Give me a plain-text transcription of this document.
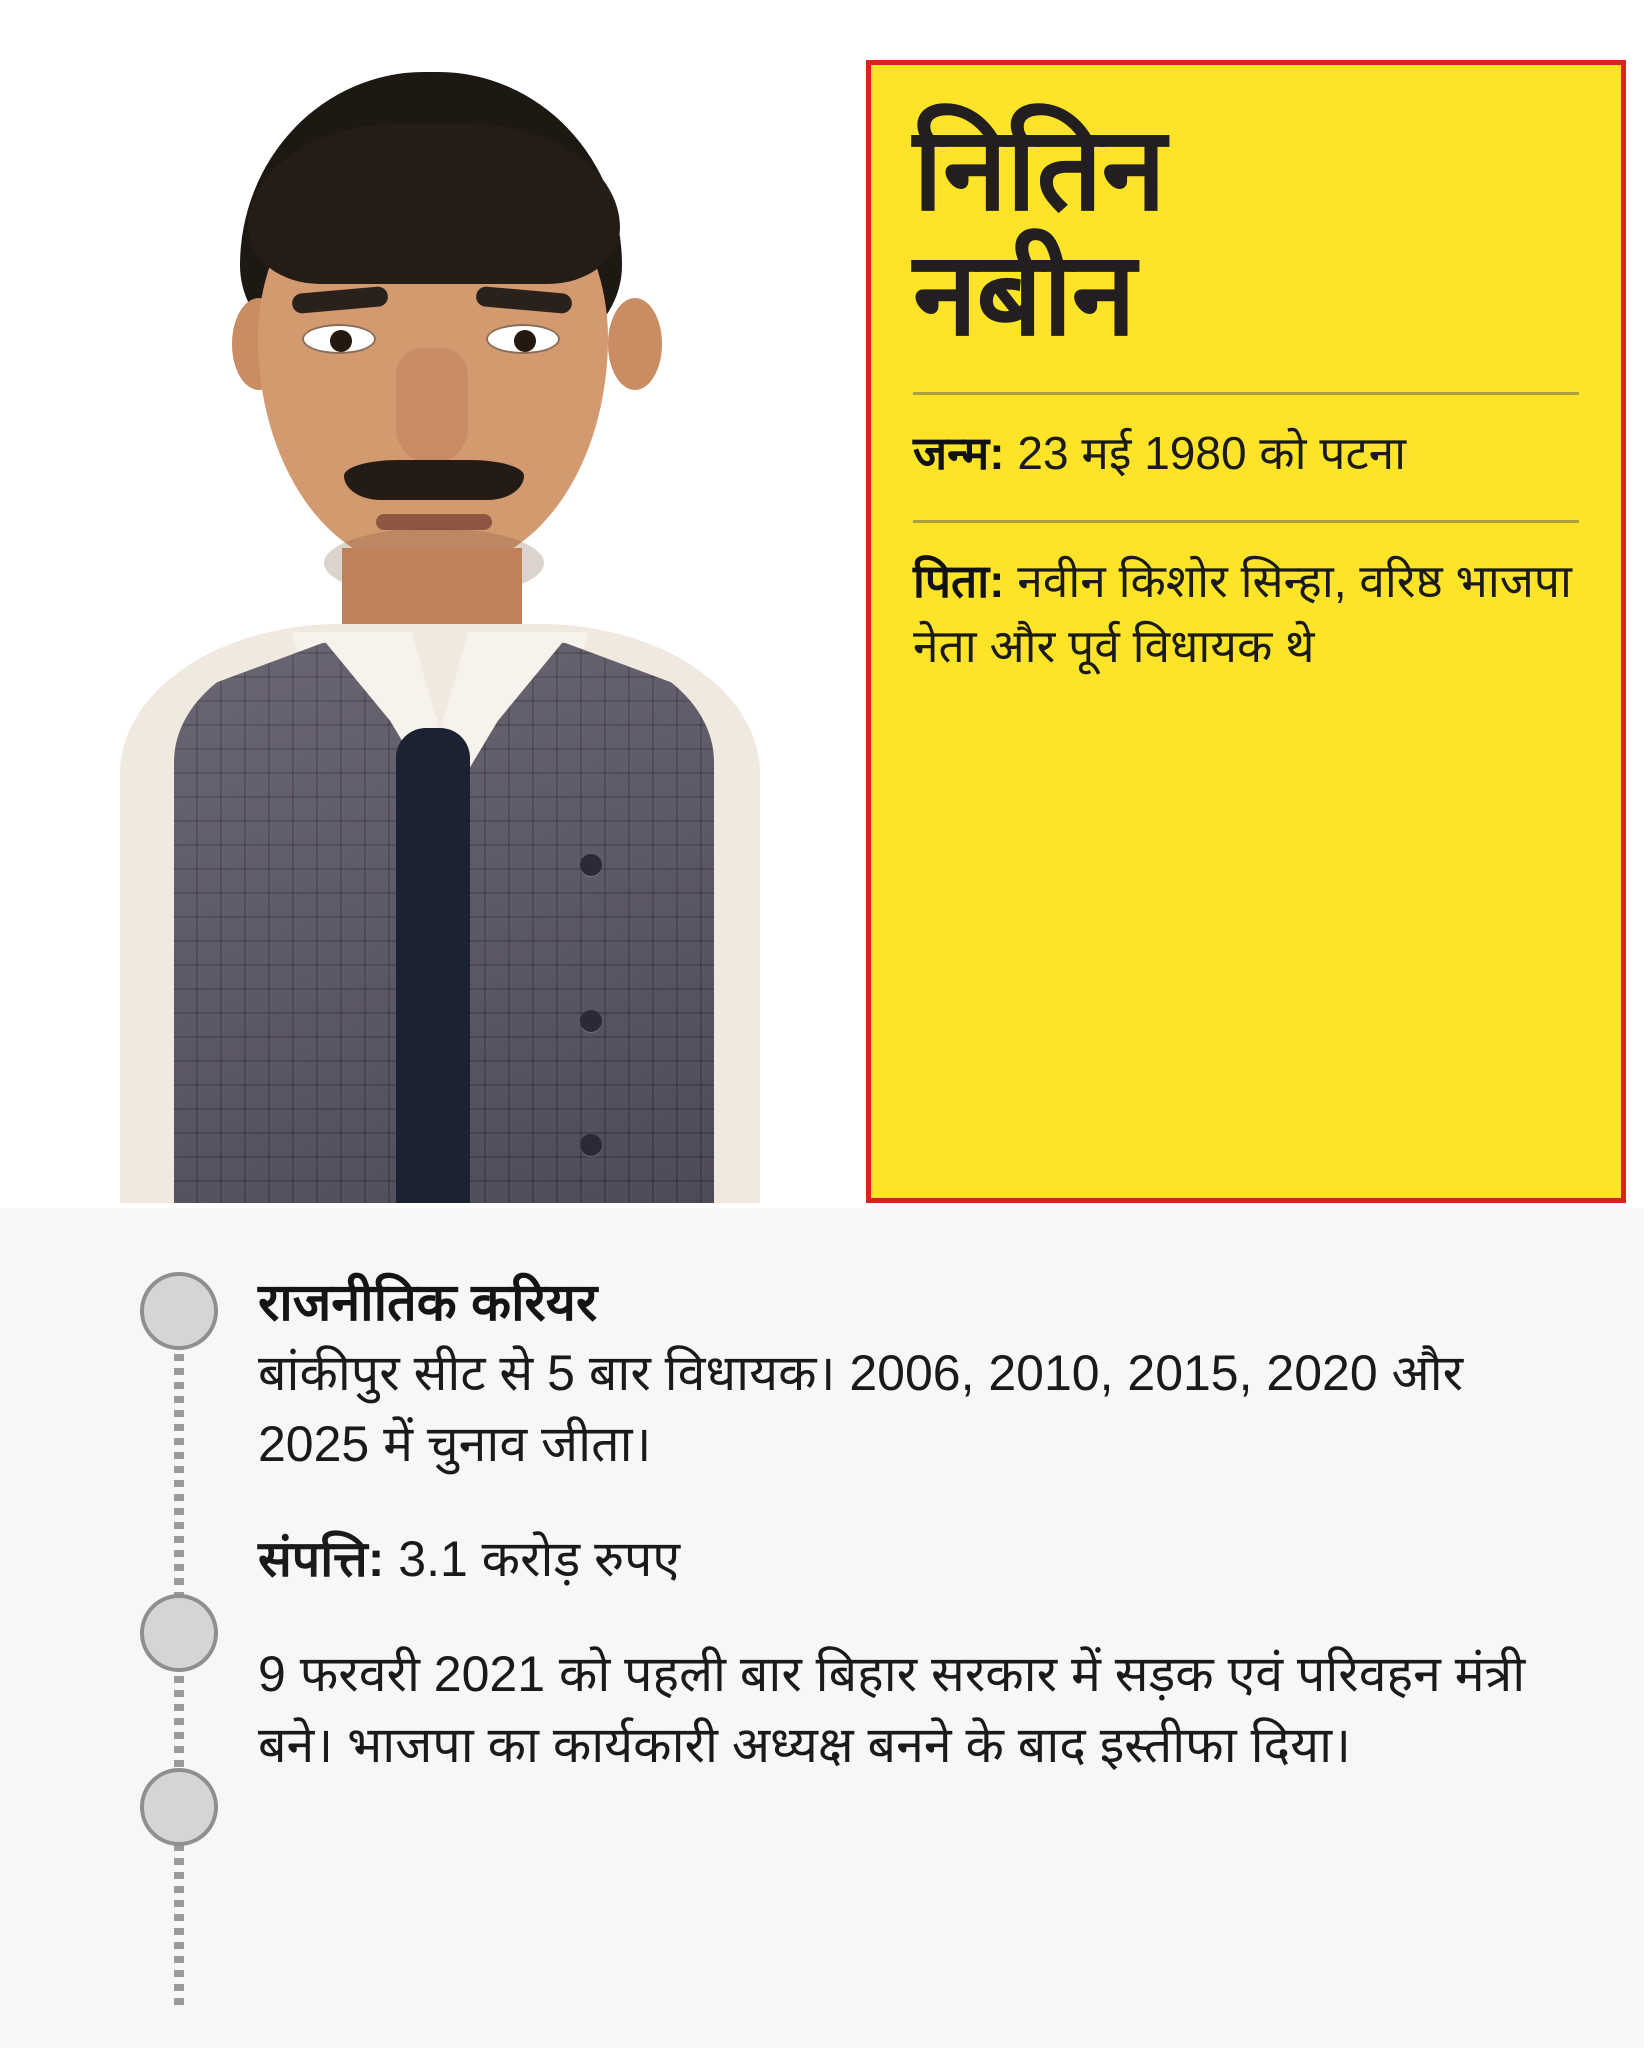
नितिन
नबीन
जन्म: 23 मई 1980 को पटना
पिता: नवीन किशोर सिन्हा, वरिष्ठ भाजपा नेता और पूर्व विधायक थे
राजनीतिक करियर
बांकीपुर सीट से 5 बार विधायक। 2006, 2010, 2015, 2020 और 2025 में चुनाव जीता।
संपत्ति: 3.1 करोड़ रुपए
9 फरवरी 2021 को पहली बार बिहार सरकार में सड़क एवं परिवहन मंत्री बने। भाजपा का कार्यकारी अध्यक्ष बनने के बाद इस्तीफा दिया।
